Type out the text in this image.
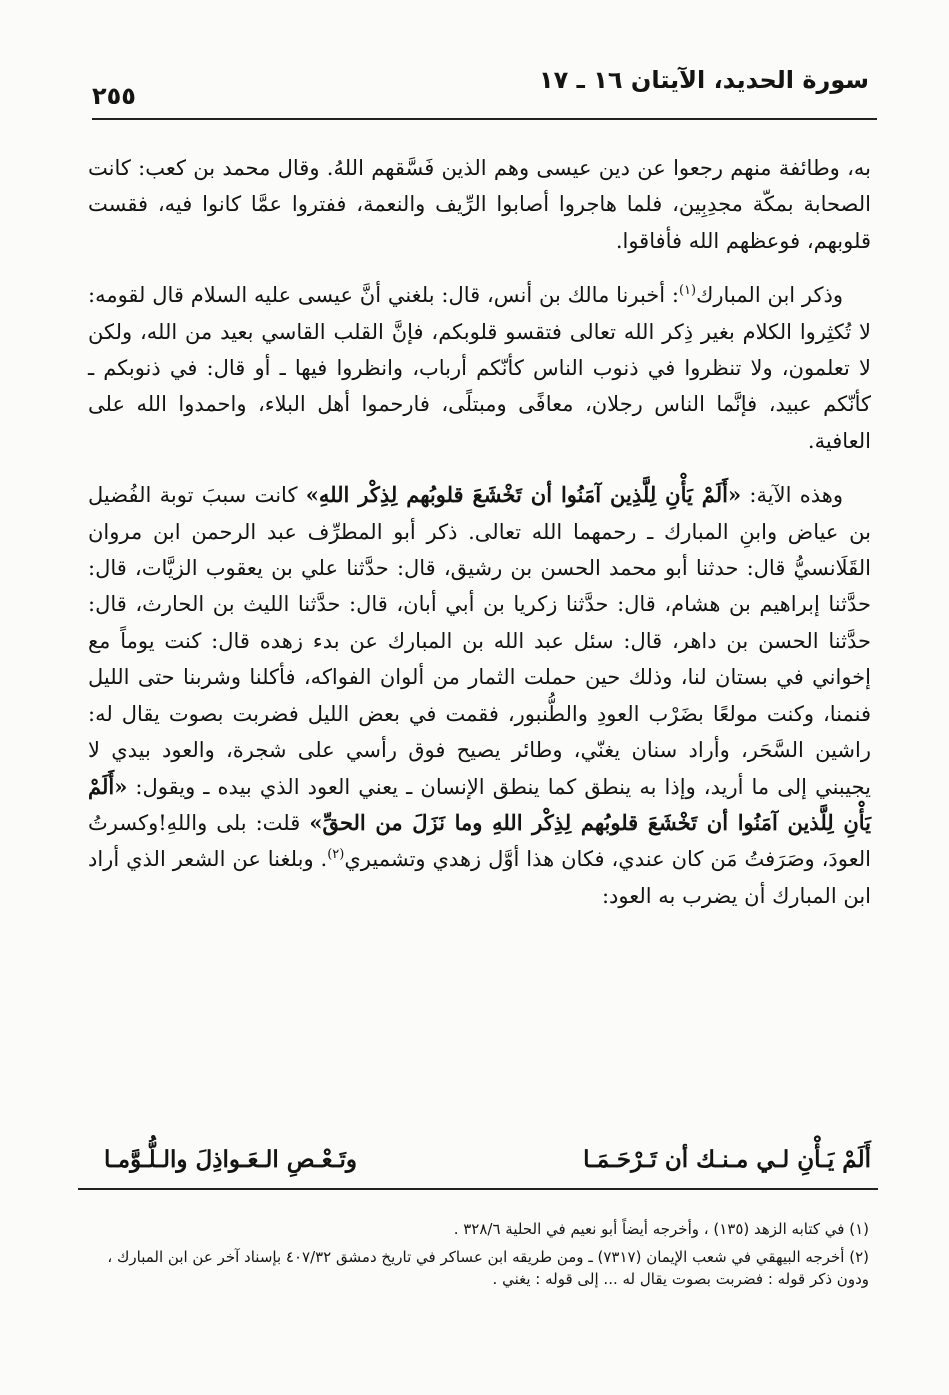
سورة الحديد، الآيتان ١٦ ـ ١٧
٢٥٥

به، وطائفة منهم رجعوا عن دين عيسى وهم الذين فَسَّقهم اللهُ. وقال محمد بن كعب: كانت الصحابة بمكّة مجدِبِين، فلما هاجروا أصابوا الرِّيف والنعمة، ففتروا عمَّا كانوا فيه، فقست قلوبهم، فوعظهم الله فأفاقوا.

وذكر ابن المبارك$^{(١)}$: أخبرنا مالك بن أنس، قال: بلغني أنَّ عيسى عليه السلام قال لقومه: لا تُكثِروا الكلام بغير ذِكر الله تعالى فتقسو قلوبكم، فإنَّ القلب القاسي بعيد من الله، ولكن لا تعلمون، ولا تنظروا في ذنوب الناس كأنّكم أرباب، وانظروا فيها ـ أو قال: في ذنوبكم ـ كأنّكم عبيد، فإنَّما الناس رجلان، معافًى ومبتلًى، فارحموا أهل البلاء، واحمدوا الله على العافية.

وهذه الآية: «أَلَمْ يَأْنِ لِلَّذِين آمَنُوا أن تَخْشَعَ قلوبُهم لِذِكْر اللهِ» كانت سببَ توبة الفُضيل بن عياض وابنِ المبارك ـ رحمهما الله تعالى. ذكر أبو المطرِّف عبد الرحمن ابن مروان القَلَانسيُّ قال: حدثنا أبو محمد الحسن بن رشيق، قال: حدَّثنا علي بن يعقوب الزيَّات، قال: حدَّثنا إبراهيم بن هشام، قال: حدَّثنا زكريا بن أبي أبان، قال: حدَّثنا الليث بن الحارث، قال: حدَّثنا الحسن بن داهر، قال: سئل عبد الله بن المبارك عن بدء زهده قال: كنت يوماً مع إخواني في بستان لنا، وذلك حين حملت الثمار من ألوان الفواكه، فأكلنا وشربنا حتى الليل فنمنا، وكنت مولعًا بضَرْب العودِ والطُّنبور، فقمت في بعض الليل فضربت بصوت يقال له: راشين السَّحَر، وأراد سنان يغنّي، وطائر يصيح فوق رأسي على شجرة، والعود بيدي لا يجيبني إلى ما أريد، وإذا به ينطق كما ينطق الإنسان ـ يعني العود الذي بيده ـ ويقول: «أَلَمْ يَأْنِ لِلَّذين آمَنُوا أن تَخْشَعَ قلوبُهم لِذِكْر اللهِ وما نَزَلَ من الحقِّ» قلت: بلى واللهِ!وكسرتُ العودَ، وصَرَفتُ مَن كان عندي، فكان هذا أوَّل زهدي وتشميري$^{(٢)}$. وبلغنا عن الشعر الذي أراد ابن المبارك أن يضرب به العود:

أَلَمْ يَـأْنِ لـي مـنـك أن تَـرْحَـمَـا
وتَـعْـصِ الـعَـواذِلَ والـلُّـوَّمـا
(١) في كتابه الزهد (١٣٥) ، وأخرجه أيضاً أبو نعيم في الحلية ٣٢٨/٦ .
(٢) أخرجه البيهقي في شعب الإيمان (٧٣١٧) ـ ومن طريقه ابن عساكر في تاريخ دمشق ٤٠٧/٣٢ بإسناد آخر عن ابن المبارك ، ودون ذكر قوله : فضربت بصوت يقال له ... إلى قوله : يغني .
